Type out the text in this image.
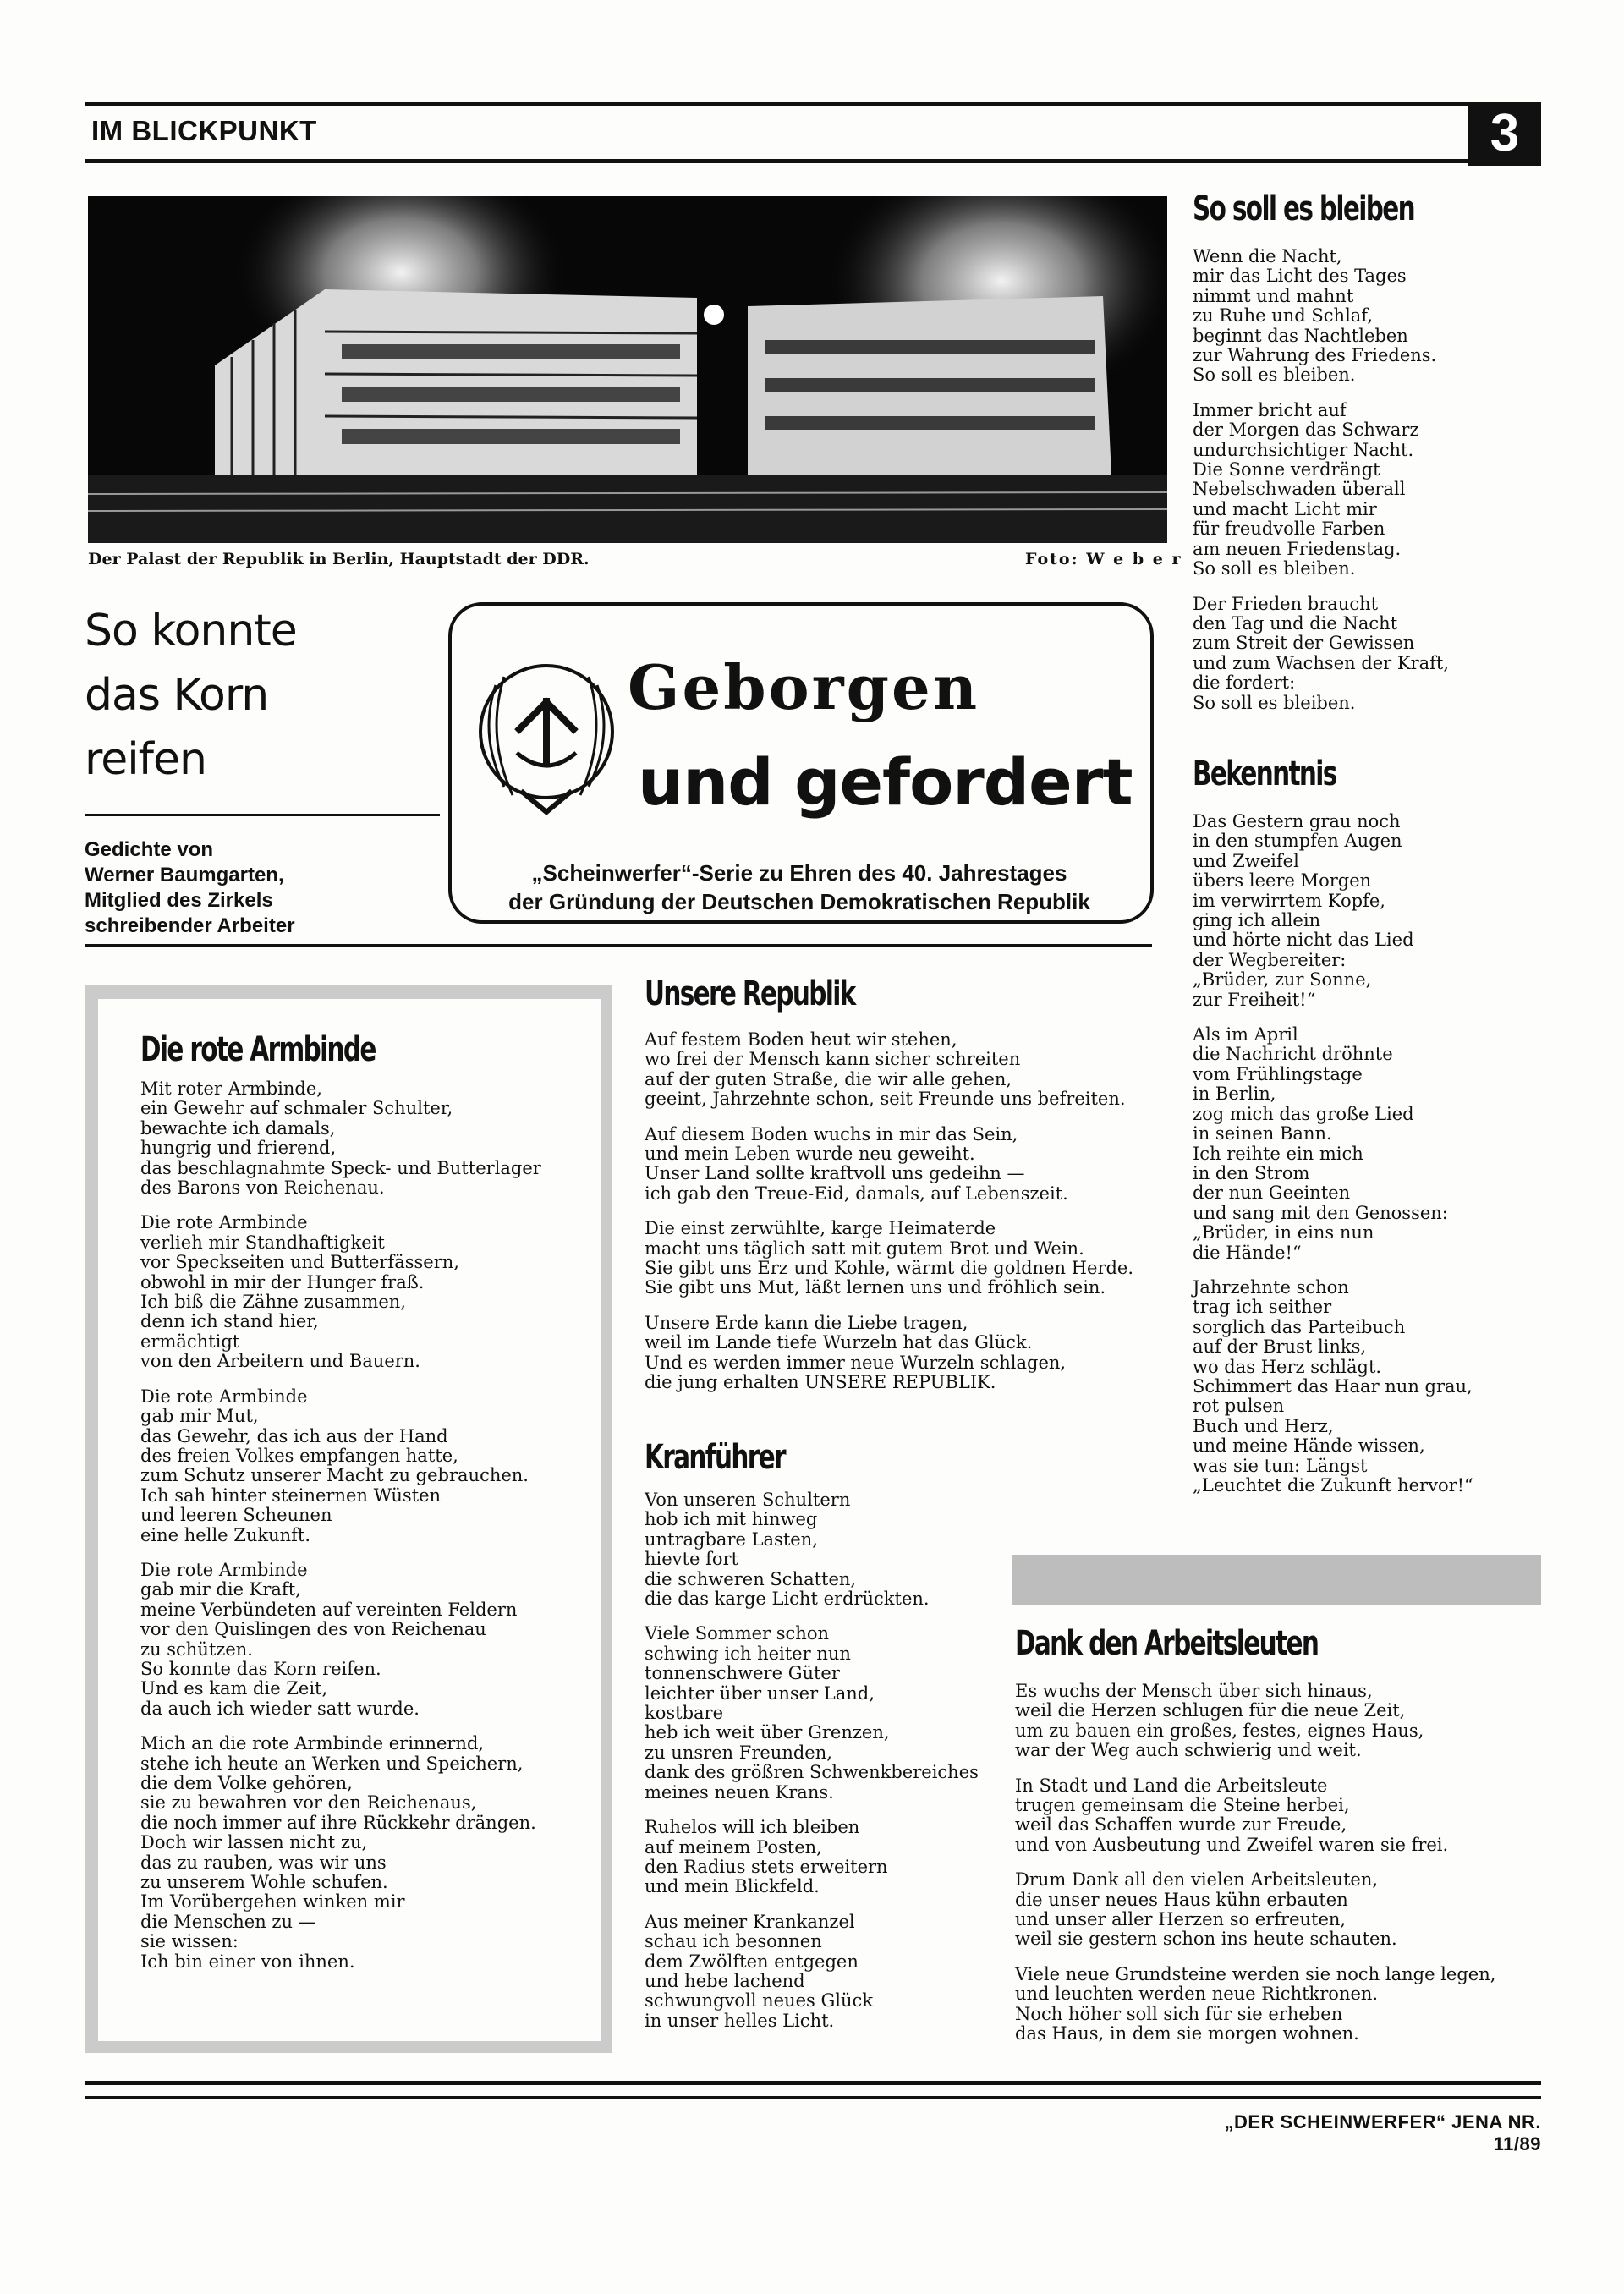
IM BLICKPUNKT	3
Der Palast der Republik in Berlin, Hauptstadt der DDR.	Foto: W e b e r
So konnte
das Korn
reifen
Gedichte von
Werner Baumgarten,
Mitglied des Zirkels
schreibender Arbeiter
Geborgen
und gefordert
„Scheinwerfer“-Serie zu Ehren des 40. Jahrestages
der Gründung der Deutschen Demokratischen Republik
Die rote Armbinde
Mit roter Armbinde,
ein Gewehr auf schmaler Schulter,
bewachte ich damals,
hungrig und frierend,
das beschlagnahmte Speck- und Butterlager
des Barons von Reichenau.
Die rote Armbinde
verlieh mir Standhaftigkeit
vor Speckseiten und Butterfässern,
obwohl in mir der Hunger fraß.
Ich biß die Zähne zusammen,
denn ich stand hier,
ermächtigt
von den Arbeitern und Bauern.
Die rote Armbinde
gab mir Mut,
das Gewehr, das ich aus der Hand
des freien Volkes empfangen hatte,
zum Schutz unserer Macht zu gebrauchen.
Ich sah hinter steinernen Wüsten
und leeren Scheunen
eine helle Zukunft.
Die rote Armbinde
gab mir die Kraft,
meine Verbündeten auf vereinten Feldern
vor den Quislingen des von Reichenau
zu schützen.
So konnte das Korn reifen.
Und es kam die Zeit,
da auch ich wieder satt wurde.
Mich an die rote Armbinde erinnernd,
stehe ich heute an Werken und Speichern,
die dem Volke gehören,
sie zu bewahren vor den Reichenaus,
die noch immer auf ihre Rückkehr drängen.
Doch wir lassen nicht zu,
das zu rauben, was wir uns
zu unserem Wohle schufen.
Im Vorübergehen winken mir
die Menschen zu —
sie wissen:
Ich bin einer von ihnen.
Unsere Republik
Auf festem Boden heut wir stehen,
wo frei der Mensch kann sicher schreiten
auf der guten Straße, die wir alle gehen,
geeint, Jahrzehnte schon, seit Freunde uns befreiten.
Auf diesem Boden wuchs in mir das Sein,
und mein Leben wurde neu geweiht.
Unser Land sollte kraftvoll uns gedeihn —
ich gab den Treue-Eid, damals, auf Lebenszeit.
Die einst zerwühlte, karge Heimaterde
macht uns täglich satt mit gutem Brot und Wein.
Sie gibt uns Erz und Kohle, wärmt die goldnen Herde.
Sie gibt uns Mut, läßt lernen uns und fröhlich sein.
Unsere Erde kann die Liebe tragen,
weil im Lande tiefe Wurzeln hat das Glück.
Und es werden immer neue Wurzeln schlagen,
die jung erhalten UNSERE REPUBLIK.
Kranführer
Von unseren Schultern
hob ich mit hinweg
untragbare Lasten,
hievte fort
die schweren Schatten,
die das karge Licht erdrückten.
Viele Sommer schon
schwing ich heiter nun
tonnenschwere Güter
leichter über unser Land,
kostbare
heb ich weit über Grenzen,
zu unsren Freunden,
dank des größren Schwenkbereiches
meines neuen Krans.
Ruhelos will ich bleiben
auf meinem Posten,
den Radius stets erweitern
und mein Blickfeld.
Aus meiner Krankanzel
schau ich besonnen
dem Zwölften entgegen
und hebe lachend
schwungvoll neues Glück
in unser helles Licht.
So soll es bleiben
Wenn die Nacht,
mir das Licht des Tages
nimmt und mahnt
zu Ruhe und Schlaf,
beginnt das Nachtleben
zur Wahrung des Friedens.
So soll es bleiben.
Immer bricht auf
der Morgen das Schwarz
undurchsichtiger Nacht.
Die Sonne verdrängt
Nebelschwaden überall
und macht Licht mir
für freudvolle Farben
am neuen Friedenstag.
So soll es bleiben.
Der Frieden braucht
den Tag und die Nacht
zum Streit der Gewissen
und zum Wachsen der Kraft,
die fordert:
So soll es bleiben.
Bekenntnis
Das Gestern grau noch
in den stumpfen Augen
und Zweifel
übers leere Morgen
im verwirrtem Kopfe,
ging ich allein
und hörte nicht das Lied
der Wegbereiter:
„Brüder, zur Sonne,
zur Freiheit!“
Als im April
die Nachricht dröhnte
vom Frühlingstage
in Berlin,
zog mich das große Lied
in seinen Bann.
Ich reihte ein mich
in den Strom
der nun Geeinten
und sang mit den Genossen:
„Brüder, in eins nun
die Hände!“
Jahrzehnte schon
trag ich seither
sorglich das Parteibuch
auf der Brust links,
wo das Herz schlägt.
Schimmert das Haar nun grau,
rot pulsen
Buch und Herz,
und meine Hände wissen,
was sie tun: Längst
„Leuchtet die Zukunft hervor!“
Dank den Arbeitsleuten
Es wuchs der Mensch über sich hinaus,
weil die Herzen schlugen für die neue Zeit,
um zu bauen ein großes, festes, eignes Haus,
war der Weg auch schwierig und weit.
In Stadt und Land die Arbeitsleute
trugen gemeinsam die Steine herbei,
weil das Schaffen wurde zur Freude,
und von Ausbeutung und Zweifel waren sie frei.
Drum Dank all den vielen Arbeitsleuten,
die unser neues Haus kühn erbauten
und unser aller Herzen so erfreuten,
weil sie gestern schon ins heute schauten.
Viele neue Grundsteine werden sie noch lange legen,
und leuchten werden neue Richtkronen.
Noch höher soll sich für sie erheben
das Haus, in dem sie morgen wohnen.
„DER SCHEINWERFER“ JENA NR. 11/89
